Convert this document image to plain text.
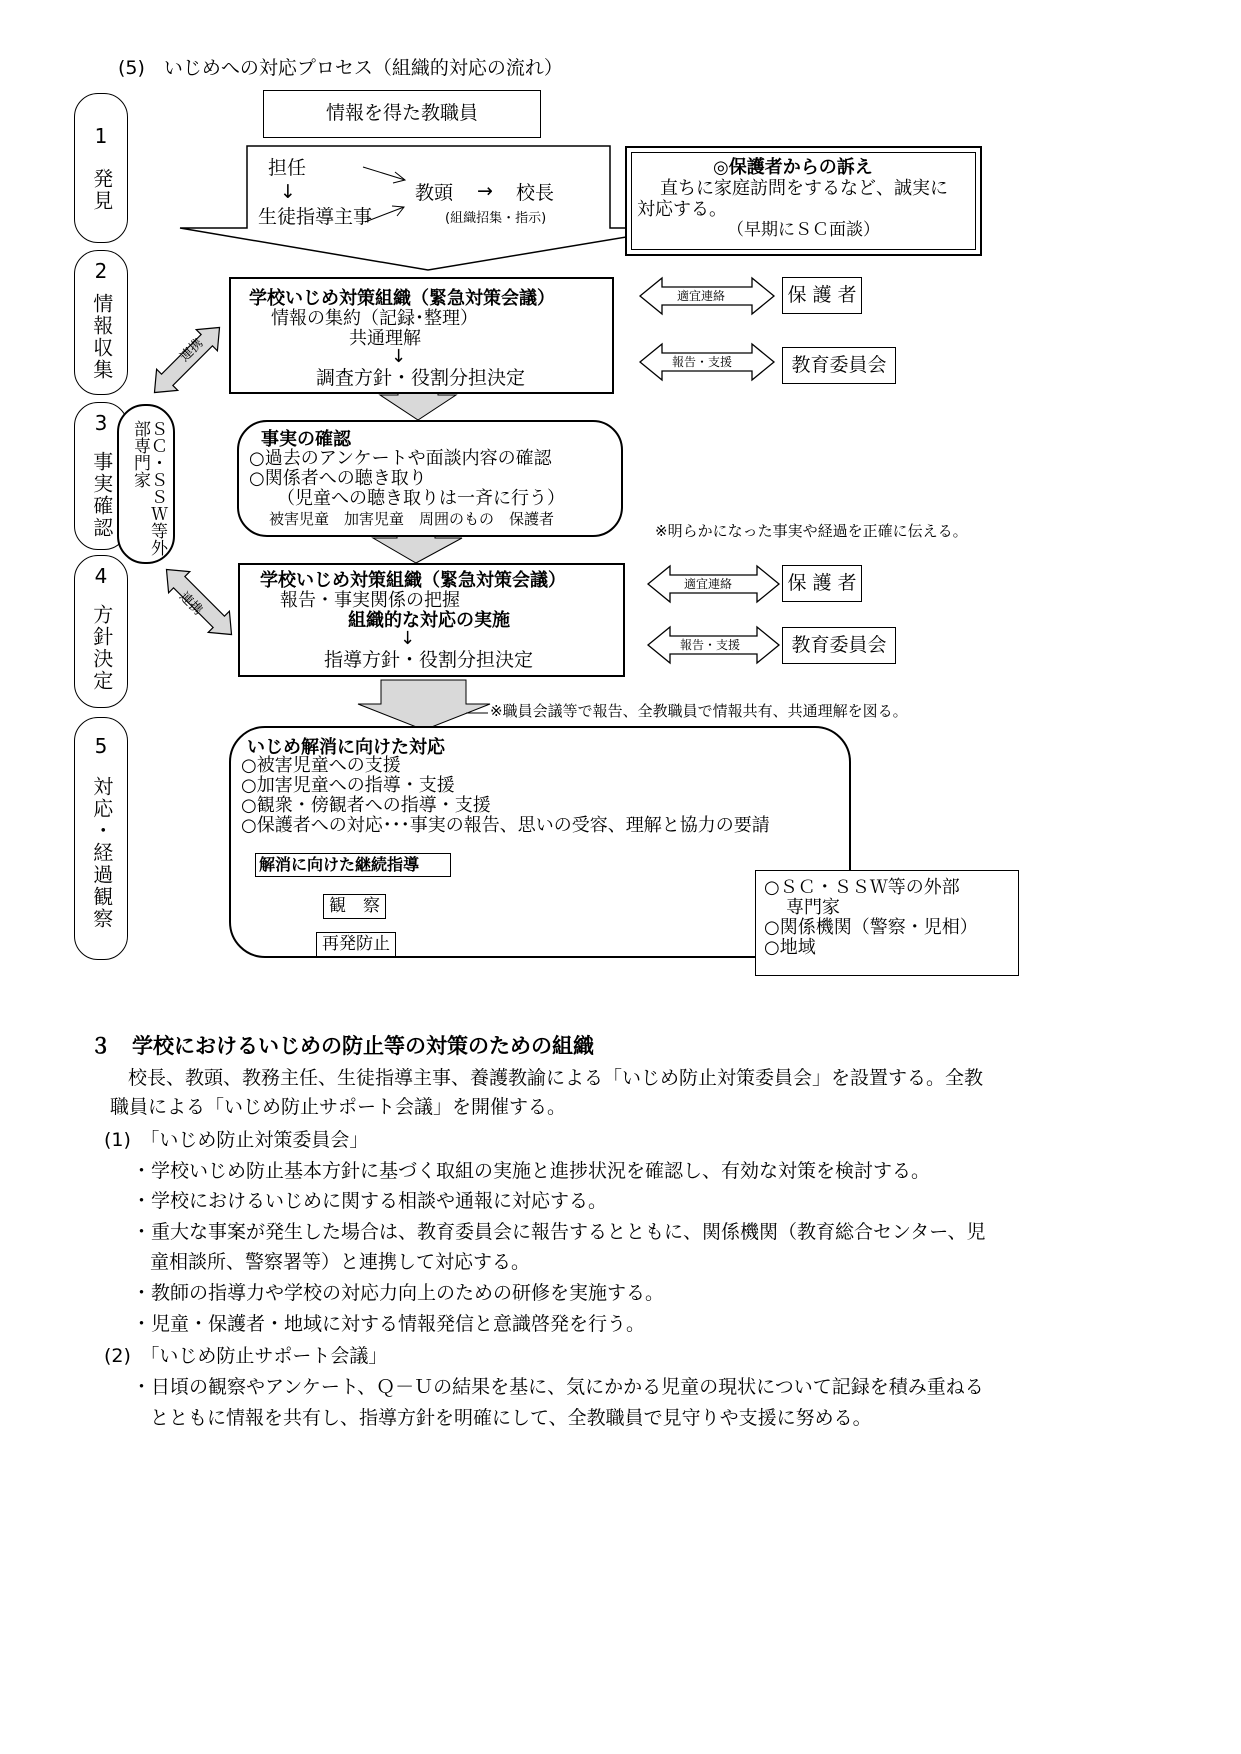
(5)　いじめへの対応プロセス（組織的対応の流れ）
1
発見
2
情報収集
3
事実確認
4
方針決定
5
対応・経過観察
情報を得た教職員
担任
↓
生徒指導主事
教頭 → 校長
(組織招集・指示)
◎保護者からの訴え
直ちに家庭訪問をするなど、誠実に
対応する。
（早期にＳＣ面談）
学校いじめ対策組織（緊急対策会議）
情報の集約（記録･整理）
共通理解
↓
調査方針・役割分担決定
適宜連絡
報告・支援
適宜連絡
報告・支援
保 護 者
教育委員会
保 護 者
教育委員会
連携
連携
ＳＣ・ＳＳＷ等外部専門家	事実の確認
○過去のアンケートや面談内容の確認
○関係者への聴き取り
（児童への聴き取りは一斉に行う）
被害児童　加害児童　周囲のもの　保護者
※明らかになった事実や経過を正確に伝える。
学校いじめ対策組織（緊急対策会議）
報告・事実関係の把握
組織的な対応の実施
↓
指導方針・役割分担決定
※職員会議等で報告、全教職員で情報共有、共通理解を図る。
いじめ解消に向けた対応
○被害児童への支援
○加害児童への指導・支援
○観衆・傍観者への指導・支援
○保護者への対応･･･事実の報告、思いの受容、理解と協力の要請
解消に向けた継続指導
観　察
再発防止
○ＳＣ・ＳＳＷ等の外部
専門家
○関係機関（警察・児相）
○地域
３　学校におけるいじめの防止等の対策のための組織
校長、教頭、教務主任、生徒指導主事、養護教諭による「いじめ防止対策委員会」を設置する。全教
職員による「いじめ防止サポート会議」を開催する。
(1)　「いじめ防止対策委員会」
・学校いじめ防止基本方針に基づく取組の実施と進捗状況を確認し、有効な対策を検討する。
・学校におけるいじめに関する相談や通報に対応する。
・重大な事案が発生した場合は、教育委員会に報告するとともに、関係機関（教育総合センター、児
童相談所、警察署等）と連携して対応する。
・教師の指導力や学校の対応力向上のための研修を実施する。
・児童・保護者・地域に対する情報発信と意識啓発を行う。
(2)　「いじめ防止サポート会議」
・日頃の観察やアンケート、Ｑ－Ｕの結果を基に、気にかかる児童の現状について記録を積み重ねる
とともに情報を共有し、指導方針を明確にして、全教職員で見守りや支援に努める。
